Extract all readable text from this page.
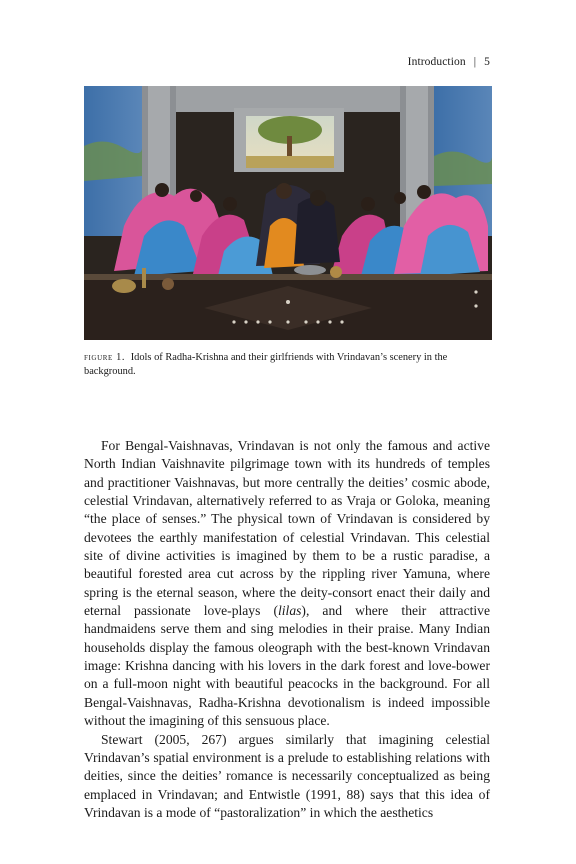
Introduction | 5
figure 1. Idols of Radha-Krishna and their girlfriends with Vrindavan’s scenery in the background.

For Bengal-Vaishnavas, Vrindavan is not only the famous and active North Indian Vaishnavite pilgrimage town with its hundreds of temples and practitioner Vaishnavas, but more centrally the deities’ cosmic abode, celestial Vrindavan, alternatively referred to as Vraja or Goloka, meaning “the place of senses.” The physical town of Vrindavan is considered by devotees the earthly manifestation of celestial Vrindavan. This celestial site of divine activities is imagined by them to be a rustic paradise, a beautiful forested area cut across by the rippling river Yamuna, where spring is the eternal season, where the deity-consort enact their daily and eternal passionate love-plays (lilas), and where their attractive handmaidens serve them and sing melodies in their praise. Many Indian households display the famous oleograph with the best-known Vrindavan image: Krishna dancing with his lovers in the dark forest and love-bower on a full-moon night with beautiful peacocks in the background. For all Bengal-Vaishnavas, Radha-Krishna devotionalism is indeed impossible without the imagining of this sensuous place.

Stewart (2005, 267) argues similarly that imagining celestial Vrindavan’s spatial environment is a prelude to establishing relations with deities, since the deities’ romance is necessarily conceptualized as being emplaced in Vrindavan; and Entwistle (1991, 88) says that this idea of Vrindavan is a mode of “pastoralization” in which the aesthetics
